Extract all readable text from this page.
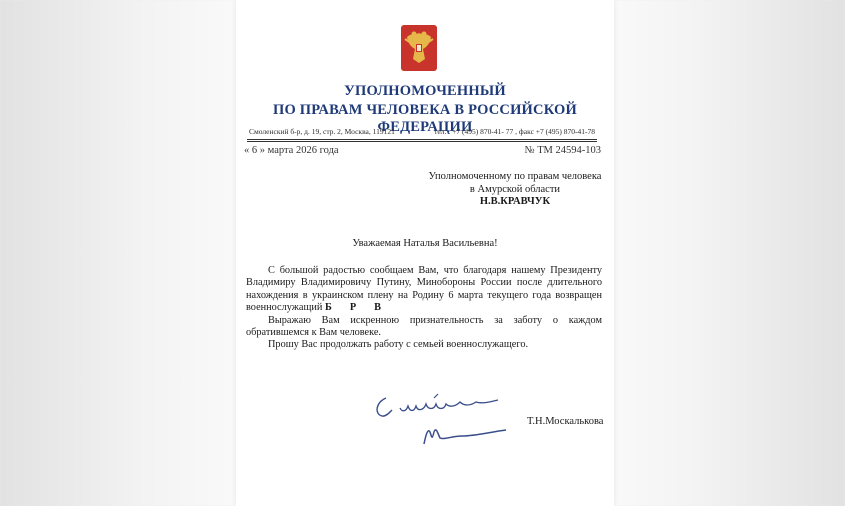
УПОЛНОМОЧЕННЫЙ
ПО ПРАВАМ ЧЕЛОВЕКА В РОССИЙСКОЙ ФЕДЕРАЦИИ
Смоленский б-р, д. 19, стр. 2, Москва, 119121	тел. : +7 (495) 870-41- 77 , факс +7 (495) 870-41-78
« 6 » марта 2026 года	№ ТМ 24594-103
Уполномоченному по правам человека
в Амурской области
Н.В.КРАВЧУК
Уважаемая Наталья Васильевна!

С большой радостью сообщаем Вам, что благодаря нашему Президенту Владимиру Владимировичу Путину, Минобороны России после длительного нахождения в украинском плену на Родину 6 марта текущего года возвращен военнослужащий Б Р В

Выражаю Вам искренною признательность за заботу о каждом обратившемся к Вам человеке.

Прошу Вас продолжать работу с семьей военнослужащего.

Т.Н.Москалькова
